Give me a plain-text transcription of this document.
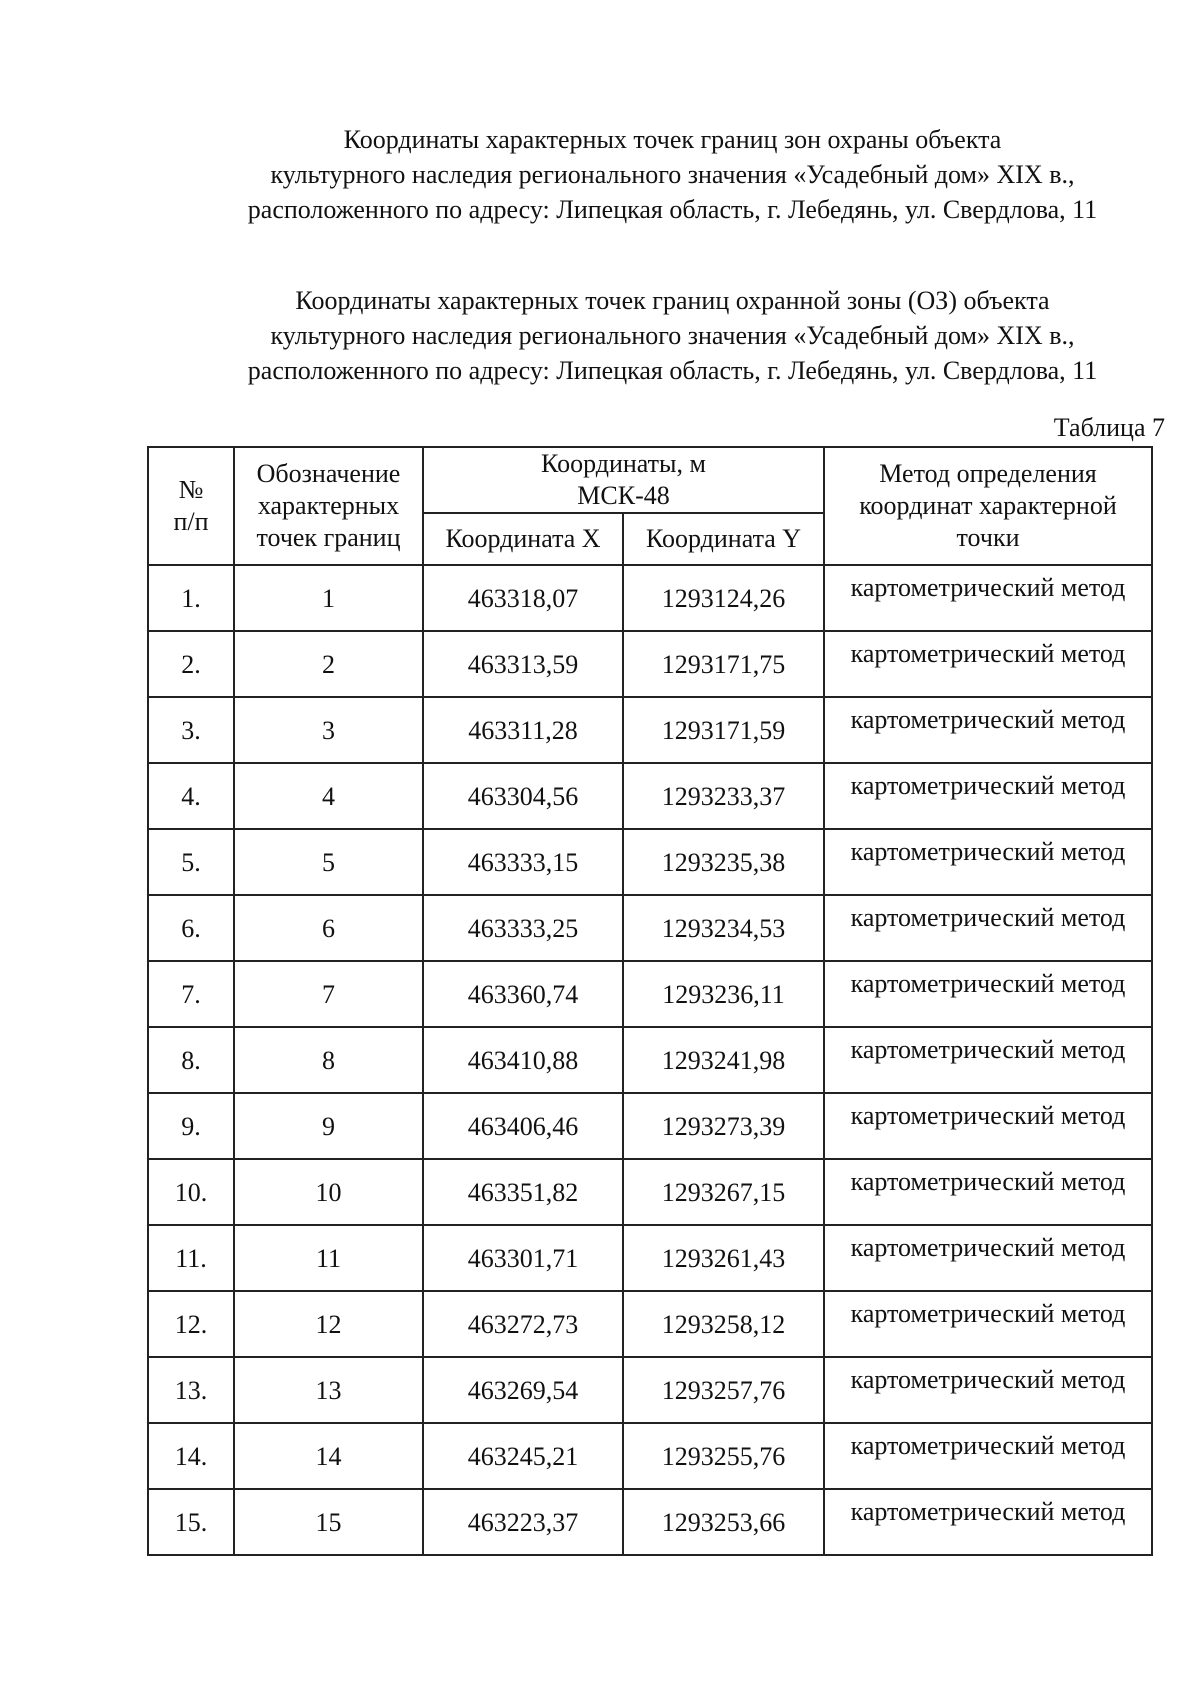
Координаты характерных точек границ зон охраны объекта
культурного наследия регионального значения «Усадебный дом» XIX в.,
расположенного по адресу: Липецкая область, г. Лебедянь, ул. Свердлова, 11
Координаты характерных точек границ охранной зоны (ОЗ) объекта
культурного наследия регионального значения «Усадебный дом» XIX в.,
расположенного по адресу: Липецкая область, г. Лебедянь, ул. Свердлова, 11
Таблица 7
№ п/п	Обозначение характерных точек границ	Координаты, м МСК-48		Метод определения координат характерной точки
		Координата X	Координата Y	
1.	1	463318,07	1293124,26	картометрический метод
2.	2	463313,59	1293171,75	картометрический метод
3.	3	463311,28	1293171,59	картометрический метод
4.	4	463304,56	1293233,37	картометрический метод
5.	5	463333,15	1293235,38	картометрический метод
6.	6	463333,25	1293234,53	картометрический метод
7.	7	463360,74	1293236,11	картометрический метод
8.	8	463410,88	1293241,98	картометрический метод
9.	9	463406,46	1293273,39	картометрический метод
10.	10	463351,82	1293267,15	картометрический метод
11.	11	463301,71	1293261,43	картометрический метод
12.	12	463272,73	1293258,12	картометрический метод
13.	13	463269,54	1293257,76	картометрический метод
14.	14	463245,21	1293255,76	картометрический метод
15.	15	463223,37	1293253,66	картометрический метод
